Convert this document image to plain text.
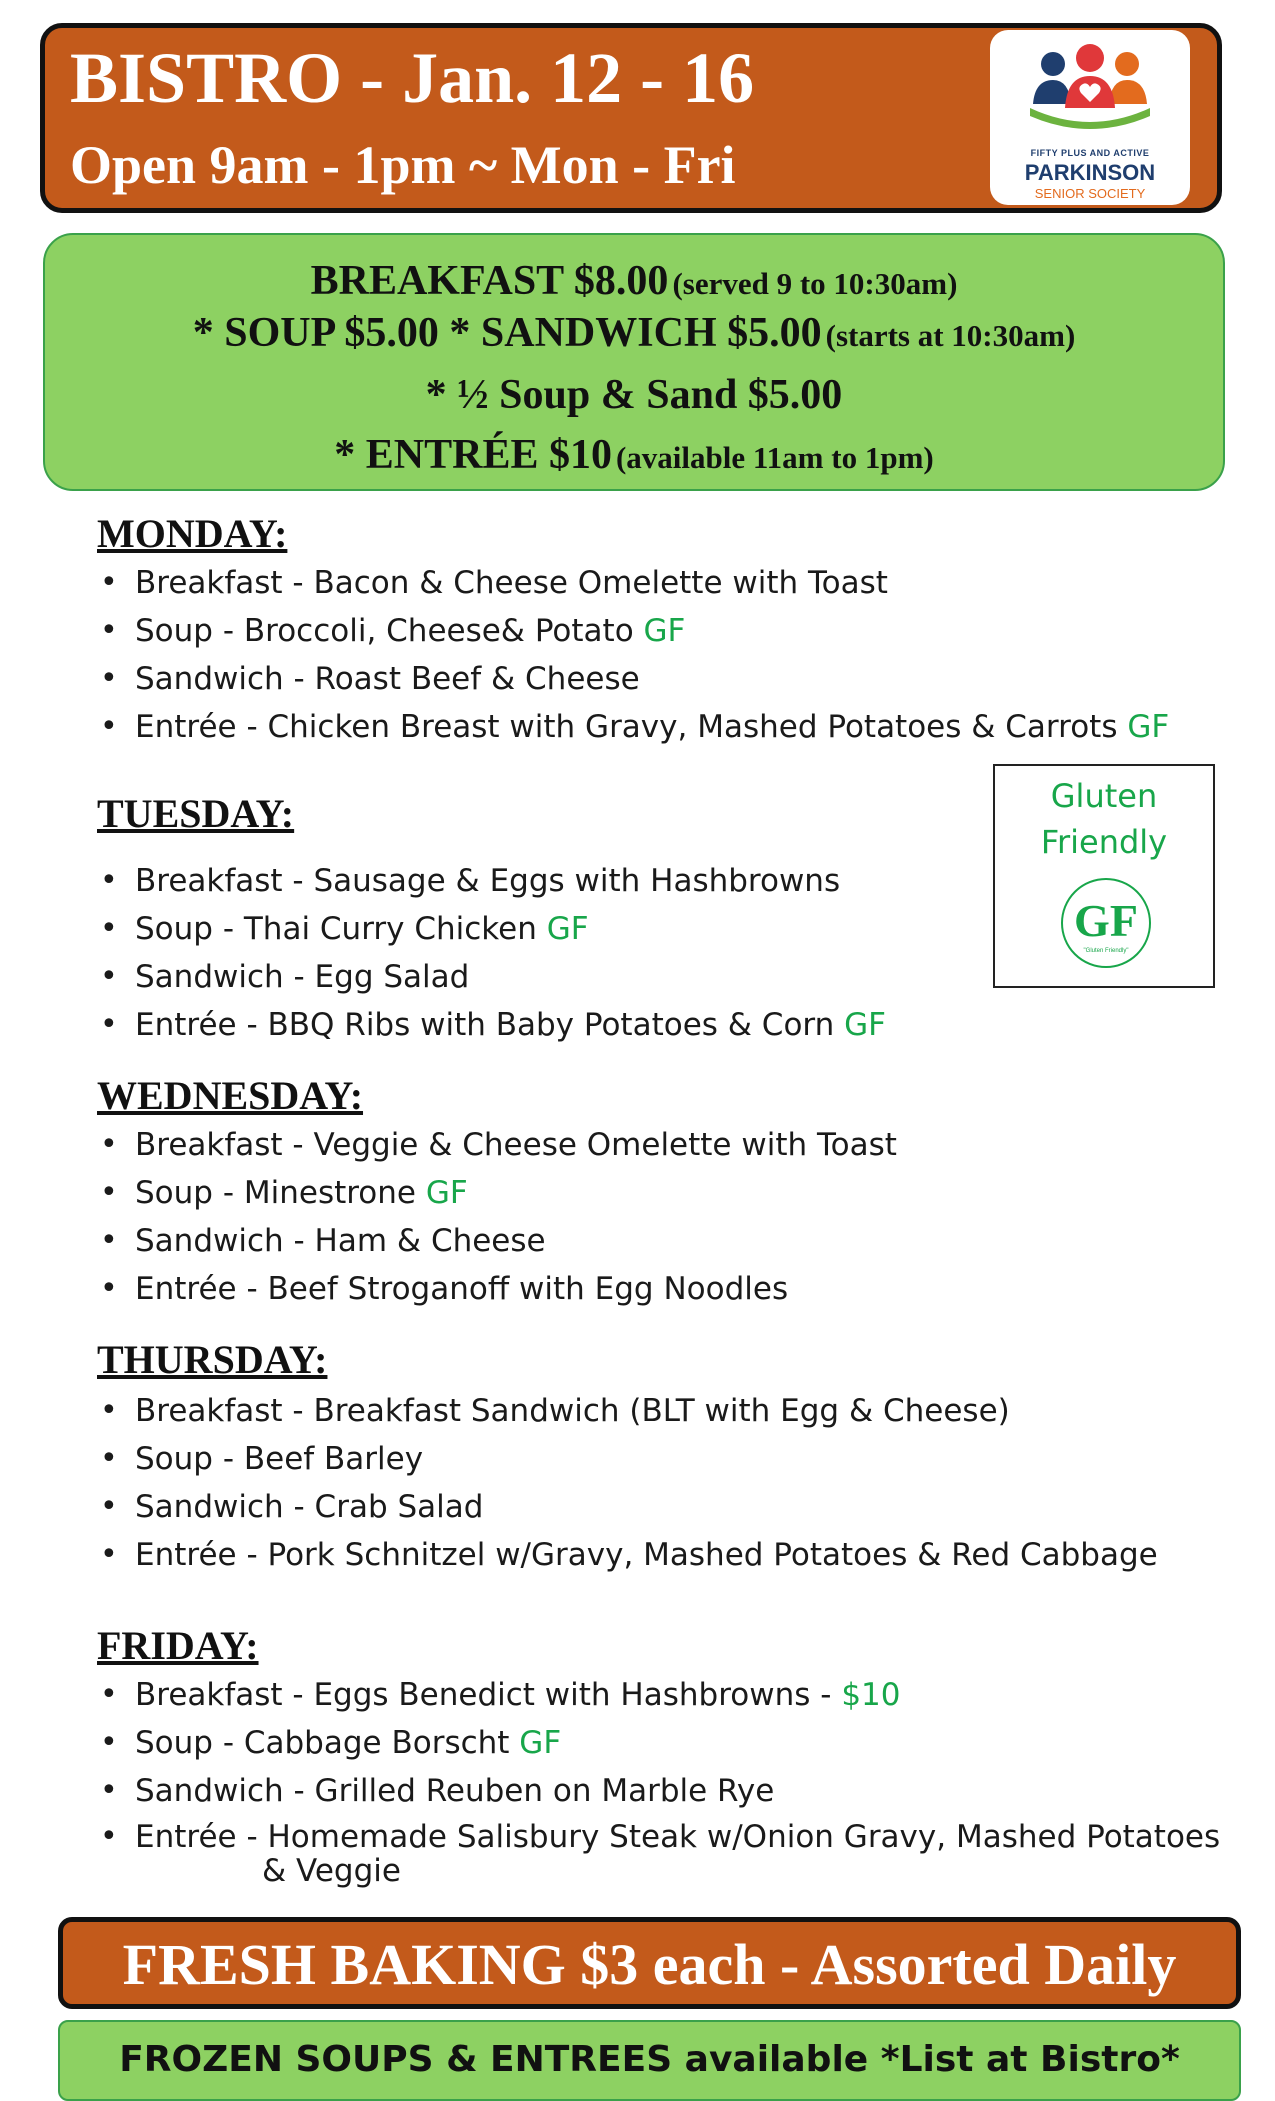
BISTRO - Jan. 12 - 16
Open 9am - 1pm ~ Mon - Fri	FIFTY PLUS AND ACTIVE
PARKINSON
SENIOR SOCIETY
BREAKFAST $8.00 (served 9 to 10:30am)
* SOUP $5.00 * SANDWICH $5.00 (starts at 10:30am)
* ½ Soup & Sand $5.00
* ENTRÉE $10 (available 11am to 1pm)
MONDAY:
• Breakfast - Bacon & Cheese Omelette with Toast
• Soup - Broccoli, Cheese& Potato GF
• Sandwich - Roast Beef & Cheese
• Entrée - Chicken Breast with Gravy, Mashed Potatoes & Carrots GF
TUESDAY:
• Breakfast - Sausage & Eggs with Hashbrowns
• Soup - Thai Curry Chicken GF
• Sandwich - Egg Salad
• Entrée - BBQ Ribs with Baby Potatoes & Corn GF
Gluten
Friendly
GF
"Gluten Friendly"
WEDNESDAY:
• Breakfast - Veggie & Cheese Omelette with Toast
• Soup - Minestrone GF
• Sandwich - Ham & Cheese
• Entrée - Beef Stroganoff with Egg Noodles
THURSDAY:
• Breakfast - Breakfast Sandwich (BLT with Egg & Cheese)
• Soup - Beef Barley
• Sandwich - Crab Salad
• Entrée - Pork Schnitzel w/Gravy, Mashed Potatoes & Red Cabbage
FRIDAY:
• Breakfast - Eggs Benedict with Hashbrowns - $10
• Soup - Cabbage Borscht GF
• Sandwich - Grilled Reuben on Marble Rye
• Entrée - Homemade Salisbury Steak w/Onion Gravy, Mashed Potatoes
& Veggie
FRESH BAKING $3 each - Assorted Daily
FROZEN SOUPS & ENTREES available *List at Bistro*
